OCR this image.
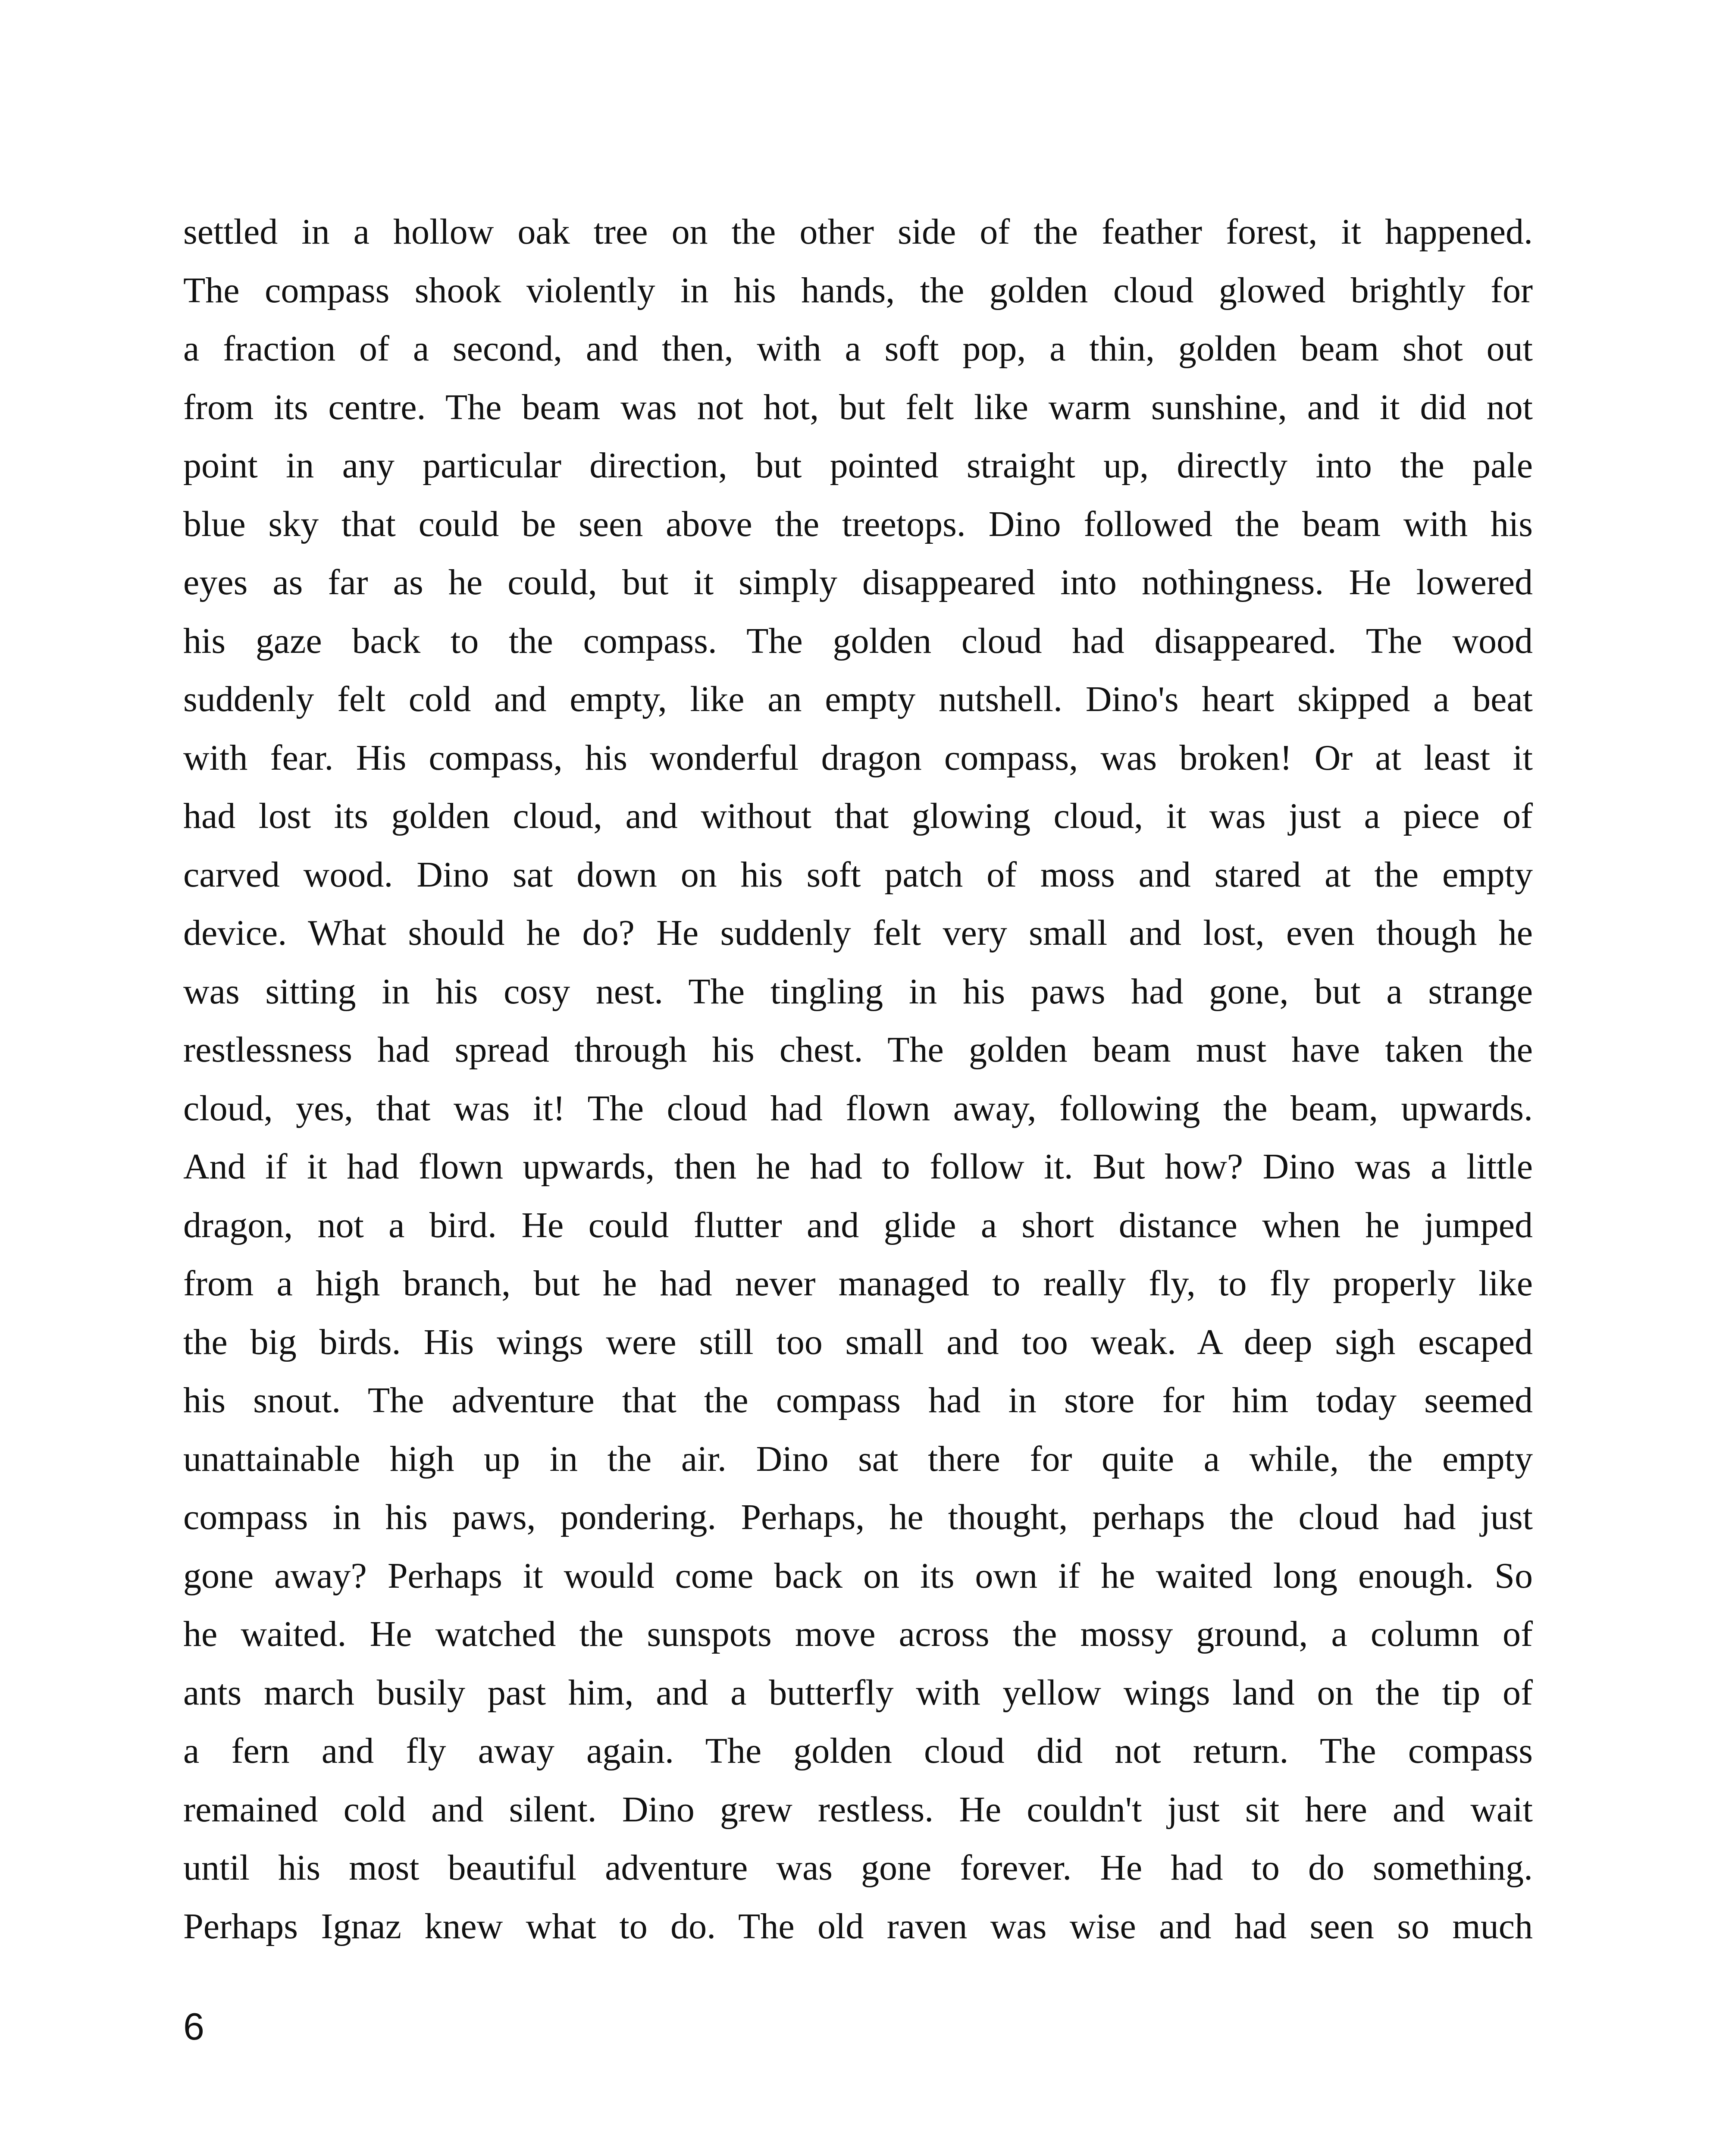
settled in a hollow oak tree on the other side of the feather forest, it happened.
The compass shook violently in his hands, the golden cloud glowed brightly for
a fraction of a second, and then, with a soft pop, a thin, golden beam shot out
from its centre. The beam was not hot, but felt like warm sunshine, and it did not
point in any particular direction, but pointed straight up, directly into the pale
blue sky that could be seen above the treetops. Dino followed the beam with his
eyes as far as he could, but it simply disappeared into nothingness. He lowered
his gaze back to the compass. The golden cloud had disappeared. The wood
suddenly felt cold and empty, like an empty nutshell. Dino's heart skipped a beat
with fear. His compass, his wonderful dragon compass, was broken! Or at least it
had lost its golden cloud, and without that glowing cloud, it was just a piece of
carved wood. Dino sat down on his soft patch of moss and stared at the empty
device. What should he do? He suddenly felt very small and lost, even though he
was sitting in his cosy nest. The tingling in his paws had gone, but a strange
restlessness had spread through his chest. The golden beam must have taken the
cloud, yes, that was it! The cloud had flown away, following the beam, upwards.
And if it had flown upwards, then he had to follow it. But how? Dino was a little
dragon, not a bird. He could flutter and glide a short distance when he jumped
from a high branch, but he had never managed to really fly, to fly properly like
the big birds. His wings were still too small and too weak. A deep sigh escaped
his snout. The adventure that the compass had in store for him today seemed
unattainable high up in the air. Dino sat there for quite a while, the empty
compass in his paws, pondering. Perhaps, he thought, perhaps the cloud had just
gone away? Perhaps it would come back on its own if he waited long enough. So
he waited. He watched the sunspots move across the mossy ground, a column of
ants march busily past him, and a butterfly with yellow wings land on the tip of
a fern and fly away again. The golden cloud did not return. The compass
remained cold and silent. Dino grew restless. He couldn't just sit here and wait
until his most beautiful adventure was gone forever. He had to do something.
Perhaps Ignaz knew what to do. The old raven was wise and had seen so much
6
